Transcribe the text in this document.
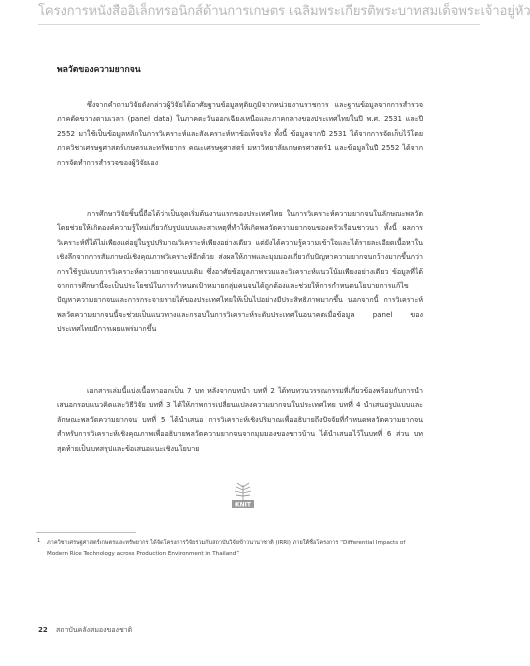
โครงการหนังสืออิเล็กทรอนิกส์ด้านการเกษตร เฉลิมพระเกียรติพระบาทสมเด็จพระเจ้าอยู่หัว
พลวัตของความยากจน

ซึ่งจากคำถามวิจัยดังกล่าวผู้วิจัยได้อาศัยฐานข้อมูลทุติยภูมิจากหน่วยงานราชการ และฐานข้อมูลจากการสำรวจภาคตัดขวางตามเวลา (panel data) ในภาคตะวันออกเฉียงเหนือและภาคกลางของประเทศไทยในปี พ.ศ. 2531 และปี 2552 มาใช้เป็นข้อมูลหลักในการวิเคราะห์และสังเคราะห์หาข้อเท็จจริง ทั้งนี้ ข้อมูลจากปี 2531 ได้จากการจัดเก็บไว้โดย ภาควิชาเศรษฐศาสตร์เกษตรและทรัพยากร คณะเศรษฐศาสตร์ มหาวิทยาลัยเกษตรศาสตร์1 และข้อมูลในปี 2552 ได้จากการจัดทำการสำรวจของผู้วิจัยเอง

การศึกษาวิจัยชิ้นนี้ถือได้ว่าเป็นจุดเริ่มต้นงานแรกของประเทศไทย ในการวิเคราะห์ความยากจนในลักษณะพลวัต โดยช่วยให้เกิดองค์ความรู้ใหม่เกี่ยวกับรูปแบบและสาเหตุที่ทำให้เกิดพลวัตความยากจนของครัวเรือนชาวนา ทั้งนี้ ผลการวิเคราะห์ที่ได้ไม่เพียงแต่อยู่ในรูปปริมาณวิเคราะห์เพียงอย่างเดียว แต่ยังได้ความรู้ความเข้าใจและได้รายละเอียดเนื้อหาในเชิงลึกจากการสัมภาษณ์เชิงคุณภาพวิเคราะห์อีกด้วย ส่งผลให้ภาพและมุมมองเกี่ยวกับปัญหาความยากจนกว้างมากขึ้นกว่าการใช้รูปแบบการวิเคราะห์ความยากจนแบบเดิม ซึ่งอาศัยข้อมูลภาพรวมและวิเคราะห์แนวโน้มเพียงอย่างเดียว ข้อมูลที่ได้จากการศึกษานี้จะเป็นประโยชน์ในการกำหนดเป้าหมายกลุ่มคนจนได้ถูกต้องและช่วยให้การกำหนดนโยบายการแก้ไขปัญหาความยากจนและการกระจายรายได้ของประเทศไทยให้เป็นไปอย่างมีประสิทธิภาพมากขึ้น นอกจากนี้ การวิเคราะห์พลวัตความยากจนนี้จะช่วยเป็นแนวทางและกรอบในการวิเคราะห์ระดับประเทศในอนาคตเมื่อข้อมูล panel ของประเทศไทยมีการเผยแพร่มากขึ้น

เอกสารเล่มนี้แบ่งเนื้อหาออกเป็น 7 บท หลังจากบทนำ บทที่ 2 ได้ทบทวนวรรณกรรมที่เกี่ยวข้องพร้อมกับการนำเสนอกรอบแนวคิดและวิธีวิจัย บทที่ 3 ได้ให้ภาพการเปลี่ยนแปลงความยากจนในประเทศไทย บทที่ 4 นำเสนอรูปแบบและลักษณะพลวัตความยากจน บทที่ 5 ได้นำเสนอ การวิเคราะห์เชิงปริมาณเพื่ออธิบายถึงปัจจัยที่กำหนดพลวัตความยากจน สำหรับการวิเคราะห์เชิงคุณภาพเพื่ออธิบายพลวัตความยากจนจากมุมมองของชาวบ้าน ได้นำเสนอไว้ในบทที่ 6 ส่วน บทสุดท้ายเป็นบทสรุปและข้อเสนอแนะเชิงนโยบาย

KNIT
1 ภาควิชาเศรษฐศาสตร์เกษตรและทรัพยากร ได้จัดโครงการวิจัยร่วมกับสถาบันวิจัยข้าวนานาชาติ (IRRI) ภายใต้ชื่อโครงการ “Differential Impacts of Modern Rice Technology across Production Environment in Thailand”
22 สถาบันคลังสมองของชาติ
